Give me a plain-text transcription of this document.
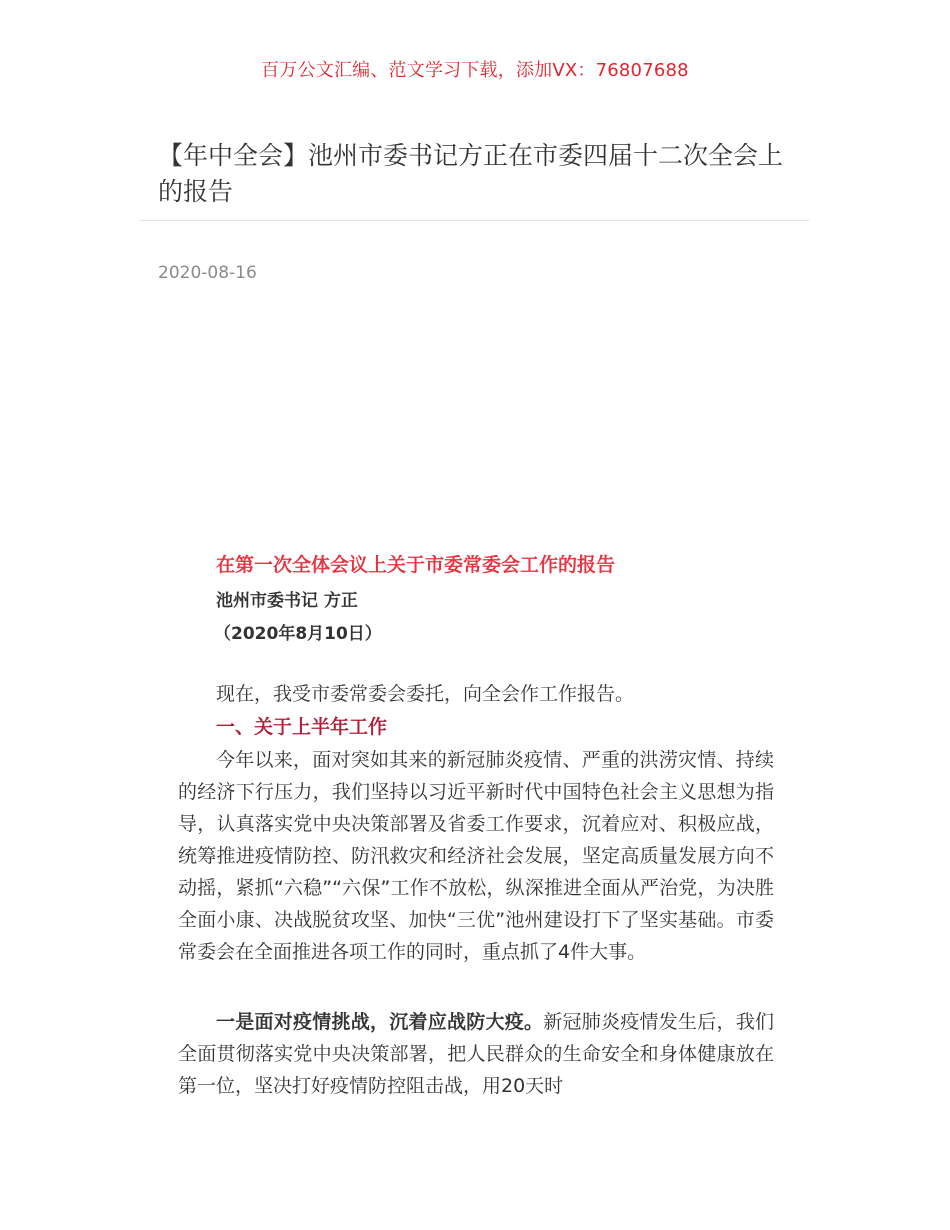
百万公文汇编、范文学习下载，添加VX：76807688
【年中全会】池州市委书记方正在市委四届十二次全会上的报告
2020-08-16
在第一次全体会议上关于市委常委会工作的报告
池州市委书记 方正
（2020年8月10日）

现在，我受市委常委会委托，向全会作工作报告。

一、关于上半年工作

今年以来，面对突如其来的新冠肺炎疫情、严重的洪涝灾情、持续的经济下行压力，我们坚持以习近平新时代中国特色社会主义思想为指导，认真落实党中央决策部署及省委工作要求，沉着应对、积极应战，统筹推进疫情防控、防汛救灾和经济社会发展，坚定高质量发展方向不动摇，紧抓“六稳”“六保”工作不放松，纵深推进全面从严治党，为决胜全面小康、决战脱贫攻坚、加快“三优”池州建设打下了坚实基础。市委常委会在全面推进各项工作的同时，重点抓了4件大事。

一是面对疫情挑战，沉着应战防大疫。新冠肺炎疫情发生后，我们全面贯彻落实党中央决策部署，把人民群众的生命安全和身体健康放在第一位，坚决打好疫情防控阻击战，用20天时
